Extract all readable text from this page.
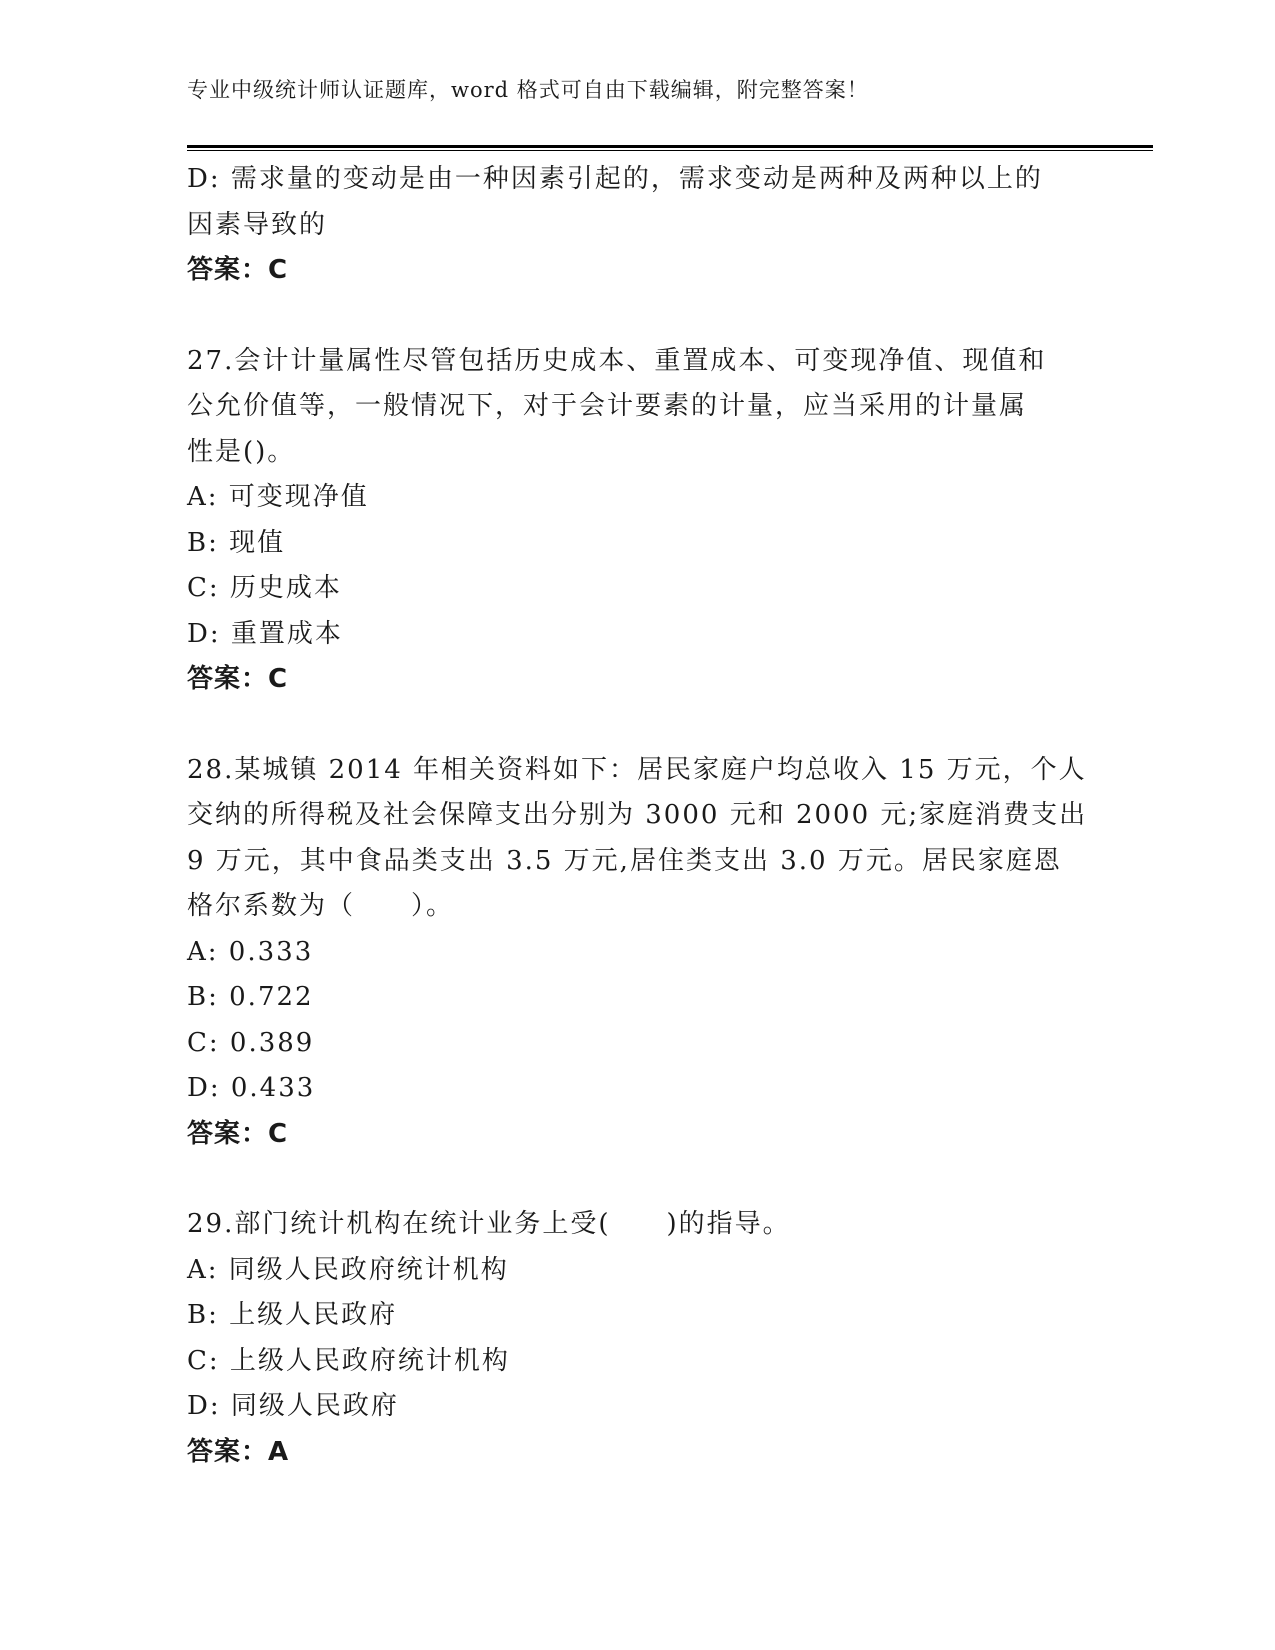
专业中级统计师认证题库，word 格式可自由下载编辑，附完整答案！
D: 需求量的变动是由一种因素引起的，需求变动是两种及两种以上的
因素导致的
答案：C
27.会计计量属性尽管包括历史成本、重置成本、可变现净值、现值和
公允价值等，一般情况下，对于会计要素的计量，应当采用的计量属
性是()。
A: 可变现净值
B: 现值
C: 历史成本
D: 重置成本
答案：C
28.某城镇 2014 年相关资料如下：居民家庭户均总收入 15 万元，个人
交纳的所得税及社会保障支出分别为 3000 元和 2000 元;家庭消费支出
9 万元，其中食品类支出 3.5 万元,居住类支出 3.0 万元。居民家庭恩
格尔系数为（　　）。
A: 0.333
B: 0.722
C: 0.389
D: 0.433
答案：C
29.部门统计机构在统计业务上受(　　)的指导。
A: 同级人民政府统计机构
B: 上级人民政府
C: 上级人民政府统计机构
D: 同级人民政府
答案：A
